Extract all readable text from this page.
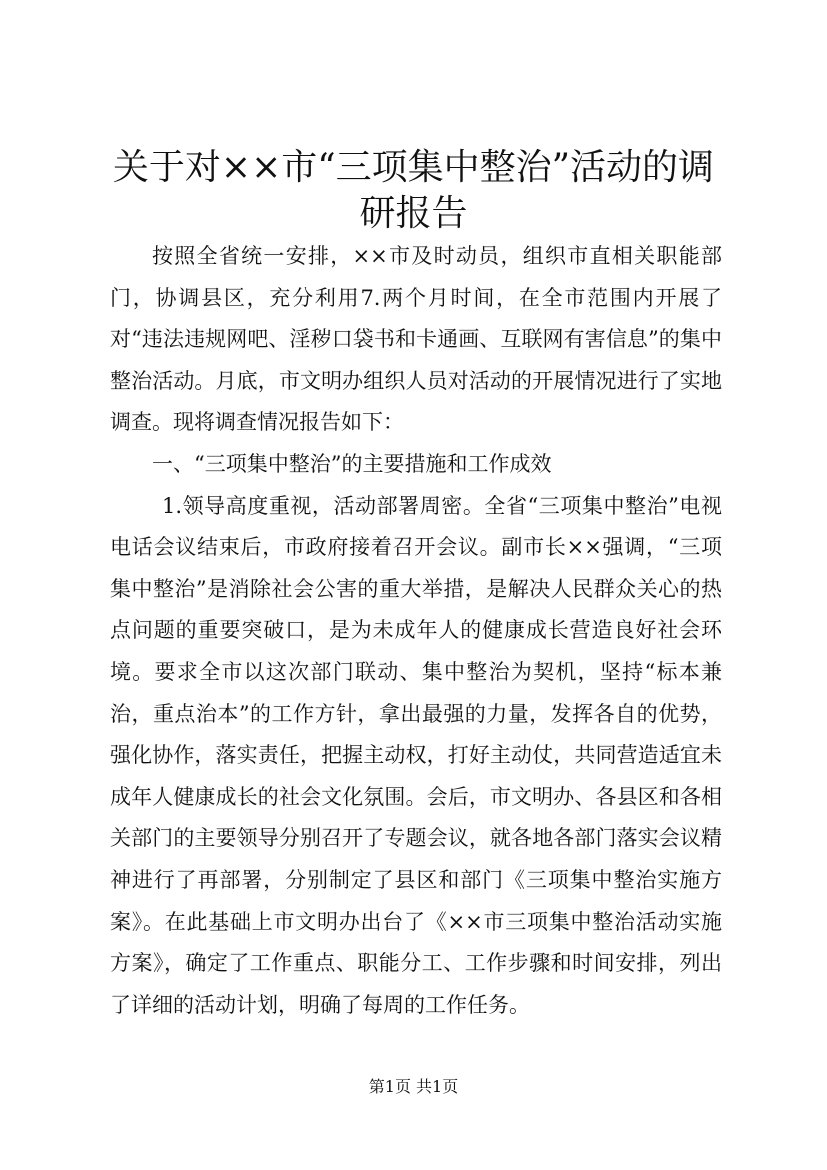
关于对××市“三项集中整治”活动的调研报告

按照全省统一安排，××市及时动员，组织市直相关职能部门，协调县区，充分利用7.两个月时间，在全市范围内开展了对“违法违规网吧、淫秽口袋书和卡通画、互联网有害信息”的集中整治活动。月底，市文明办组织人员对活动的开展情况进行了实地调查。现将调查情况报告如下：

一、“三项集中整治”的主要措施和工作成效

1.领导高度重视，活动部署周密。全省“三项集中整治”电视电话会议结束后，市政府接着召开会议。副市长××强调，“三项集中整治”是消除社会公害的重大举措，是解决人民群众关心的热点问题的重要突破口，是为未成年人的健康成长营造良好社会环境。要求全市以这次部门联动、集中整治为契机，坚持“标本兼治，重点治本”的工作方针，拿出最强的力量，发挥各自的优势，强化协作，落实责任，把握主动权，打好主动仗，共同营造适宜未成年人健康成长的社会文化氛围。会后，市文明办、各县区和各相关部门的主要领导分别召开了专题会议，就各地各部门落实会议精神进行了再部署，分别制定了县区和部门《三项集中整治实施方案》。在此基础上市文明办出台了《××市三项集中整治活动实施方案》，确定了工作重点、职能分工、工作步骤和时间安排，列出了详细的活动计划，明确了每周的工作任务。

第1页 共1页
